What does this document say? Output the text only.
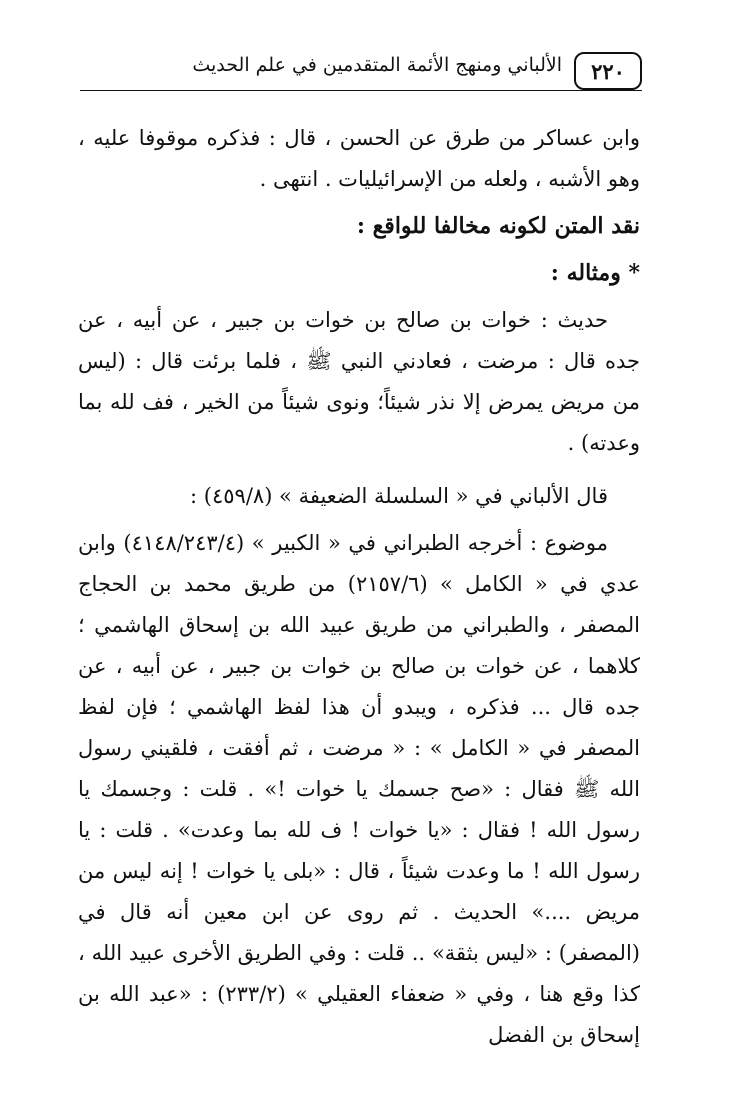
٢٢٠
الألباني ومنهج الأئمة المتقدمين في علم الحديث

وابن عساكر من طرق عن الحسن ، قال : فذكره موقوفا عليه ، وهو الأشبه ، ولعله من الإسرائيليات . انتهى .

نقد المتن لكونه مخالفا للواقع :

* ومثاله :

حديث : خوات بن صالح بن خوات بن جبير ، عن أبيه ، عن جده قال : مرضت ، فعادني النبي ﷺ ، فلما برئت قال : (ليس من مريض يمرض إلا نذر شيئاً؛ ونوى شيئاً من الخير ، فف لله بما وعدته) .

قال الألباني في « السلسلة الضعيفة » (٤٥٩/٨) :

موضوع : أخرجه الطبراني في « الكبير » (٤١٤٨/٢٤٣/٤) وابن عدي في « الكامل » (٢١٥٧/٦) من طريق محمد بن الحجاج المصفر ، والطبراني من طريق عبيد الله بن إسحاق الهاشمي ؛ كلاهما ، عن خوات بن صالح بن خوات بن جبير ، عن أبيه ، عن جده قال ... فذكره ، ويبدو أن هذا لفظ الهاشمي ؛ فإن لفظ المصفر في « الكامل » : « مرضت ، ثم أفقت ، فلقيني رسول الله ﷺ فقال : «صح جسمك يا خوات !» . قلت : وجسمك يا رسول الله ! فقال : «يا خوات ! ف لله بما وعدت» . قلت : يا رسول الله ! ما وعدت شيئاً ، قال : «بلى يا خوات ! إنه ليس من مريض ....» الحديث . ثم روى عن ابن معين أنه قال في (المصفر) : «ليس بثقة» .. قلت : وفي الطريق الأخرى عبيد الله ، كذا وقع هنا ، وفي « ضعفاء العقيلي » (٢٣٣/٢) : «عبد الله بن إسحاق بن الفضل
